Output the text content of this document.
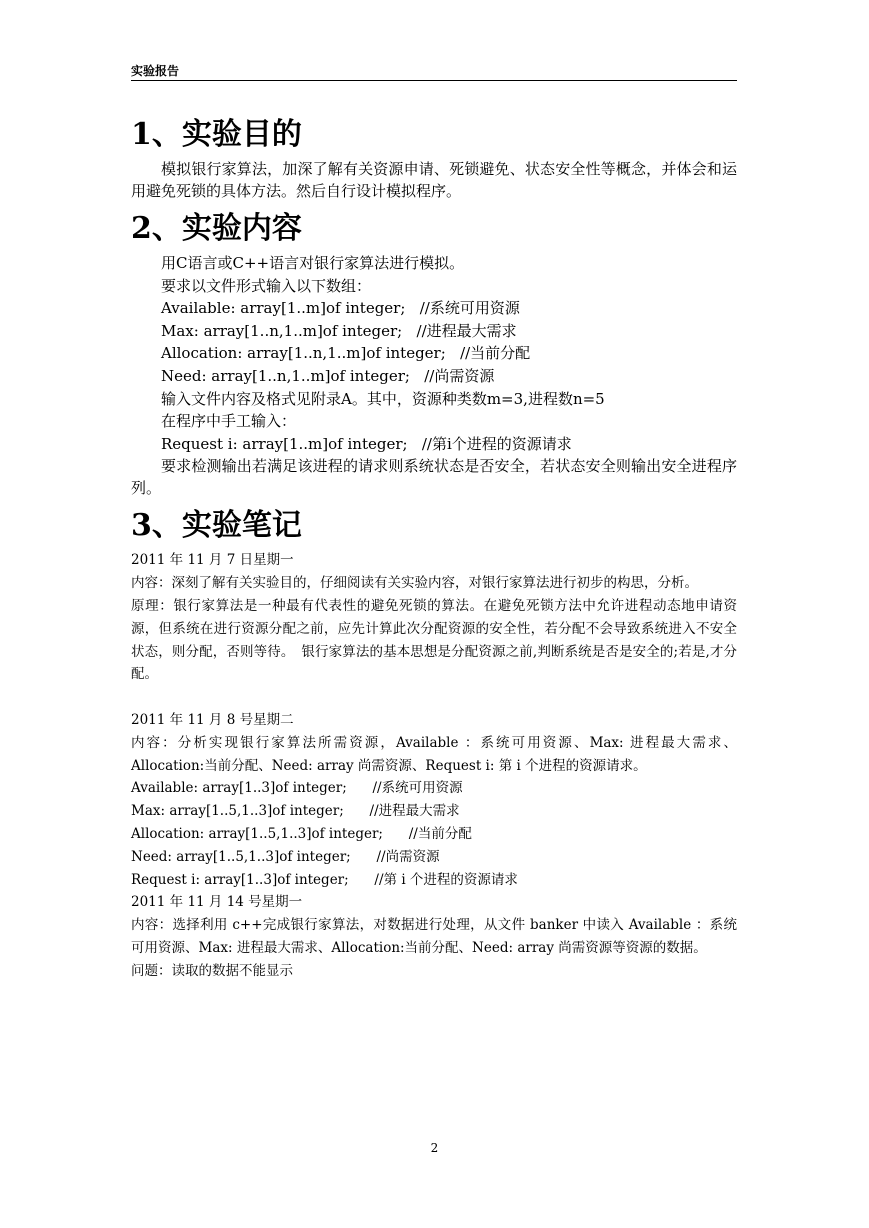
实验报告
1、实验目的

模拟银行家算法，加深了解有关资源申请、死锁避免、状态安全性等概念，并体会和运用避免死锁的具体方法。然后自行设计模拟程序。

2、实验内容

用C语言或C++语言对银行家算法进行模拟。

要求以文件形式输入以下数组：

Available: array[1..m]of integer;   //系统可用资源

Max: array[1..n,1..m]of integer;   //进程最大需求

Allocation: array[1..n,1..m]of integer;   //当前分配

Need: array[1..n,1..m]of integer;   //尚需资源

输入文件内容及格式见附录A。其中，资源种类数m=3,进程数n=5

在程序中手工输入：

Request i: array[1..m]of integer;   //第i个进程的资源请求

要求检测输出若满足该进程的请求则系统状态是否安全，若状态安全则输出安全进程序列。

3、实验笔记

2011 年 11 月 7 日星期一

内容：深刻了解有关实验目的，仔细阅读有关实验内容，对银行家算法进行初步的构思，分析。

原理：银行家算法是一种最有代表性的避免死锁的算法。在避免死锁方法中允许进程动态地申请资源，但系统在进行资源分配之前，应先计算此次分配资源的安全性，若分配不会导致系统进入不安全状态，则分配，否则等待。　银行家算法的基本思想是分配资源之前,判断系统是否是安全的;若是,才分配。

2011 年 11 月 8 号星期二

内容：分析实现银行家算法所需资源，Available ：系统可用资源、Max: 进程最大需求、Allocation:当前分配、Need: array 尚需资源、Request i: 第 i 个进程的资源请求。

Available: array[1..3]of integer;      //系统可用资源

Max: array[1..5,1..3]of integer;      //进程最大需求

Allocation: array[1..5,1..3]of integer;      //当前分配

Need: array[1..5,1..3]of integer;      //尚需资源

Request i: array[1..3]of integer;      //第 i 个进程的资源请求

2011 年 11 月 14 号星期一

内容：选择利用 c++完成银行家算法，对数据进行处理，从文件 banker 中读入 Available ：系统可用资源、Max: 进程最大需求、Allocation:当前分配、Need: array 尚需资源等资源的数据。

问题：读取的数据不能显示

2
